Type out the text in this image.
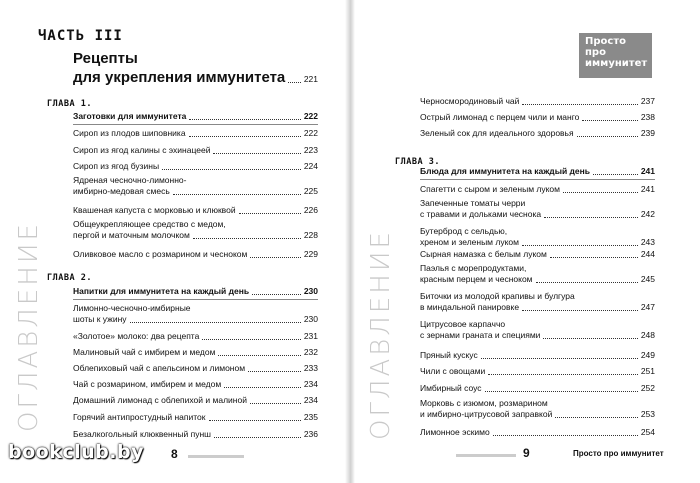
ОГЛАВЛЕНИЕ
ЧАСТЬ III
Рецепты
для укрепления иммунитета 221
ГЛАВА 1.
Заготовки для иммунитета	222
Сироп из плодов шиповника	222
Сироп из ягод калины с эхинацеей	223
Сироп из ягод бузины	224
Ядреная чесночно-лимонно-
имбирно-медовая смесь	225
Квашеная капуста с морковью и клюквой	226
Общеукрепляющее средство с медом,
пергой и маточным молочком	228
Оливковое масло с розмарином и чесноком	229
ГЛАВА 2.
Напитки для иммунитета на каждый день	230
Лимонно-чесночно-имбирные
шоты к ужину	230
«Золотое» молоко: два рецепта	231
Малиновый чай с имбирем и медом	232
Облепиховый чай с апельсином и лимоном	233
Чай с розмарином, имбирем и медом	234
Домашний лимонад с облепихой и малиной	234
Горячий антипростудный напиток	235
Безалкогольный клюквенный пунш	236
8
Просто
про
иммунитет
ОГЛАВЛЕНИЕ
Черносмородиновый чай	237
Острый лимонад с перцем чили и манго	238
Зеленый сок для идеального здоровья	239
ГЛАВА 3.
Блюда для иммунитета на каждый день	241
Спагетти с сыром и зеленым луком	241
Запеченные томаты черри
с травами и дольками чеснока	242
Бутерброд с сельдью,
хреном и зеленым луком	243
Сырная намазка с белым луком	244
Паэлья с морепродуктами,
красным перцем и чесноком	245
Биточки из молодой крапивы и булгура
в миндальной панировке	247
Цитрусовое карпаччо
с зернами граната и специями	248
Пряный кускус	249
Чили с овощами	251
Имбирный соус	252
Морковь с изюмом, розмарином
и имбирно-цитрусовой заправкой	253
Лимонное эскимо	254
9	Просто про иммунитет
bookclub.by
